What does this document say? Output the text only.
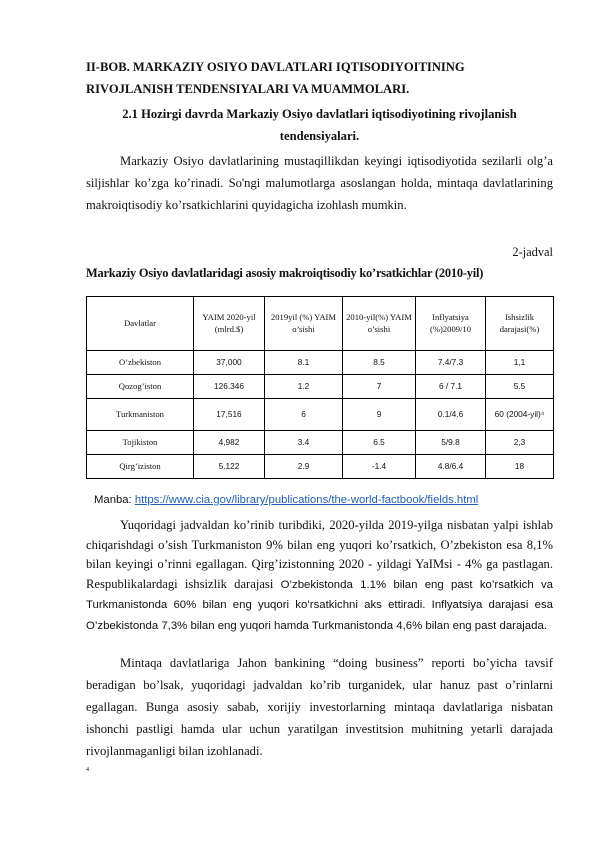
II-BOB. MARKAZIY OSIYO DAVLATLARI IQTISODIYOITINING RIVOJLANISH TENDENSIYALARI VA MUAMMOLARI.
2.1 Hozirgi davrda Markaziy Osiyo davlatlari iqtisodiyotining rivojlanish tendensiyalari.
Markaziy Osiyo davlatlarining mustaqillikdan keyingi iqtisodiyotida sezilarli olg’a siljishlar ko’zga ko’rinadi. So'ngi malumotlarga asoslangan holda, mintaqa davlatlarining makroiqtisodiy ko’rsatkichlarini quyidagicha izohlash mumkin.
2-jadval
Markaziy Osiyo davlatlaridagi asosiy makroiqtisodiy ko’rsatkichlar (2010-yil)
Davlatlar	YAIM 2020-yil (mlrd.$)	2019yil (%) YAIM o’sishi	2010-yil(%) YAIM o’sishi	Inflyatsiya (%)2009/10	Ishsizlik darajasi(%)
O’zbekiston	37,000	8.1	8.5	7.4/7.3	1,1
Qozog’iston	126.346	1.2	7	6 / 7.1	5.5
Turkmaniston	17,516	6	9	0.1/4.6	60 (2004-yil)⁴
Tojikiston	4,982	3.4	6.5	5/9.8	2,3
Qirg’iziston	5.122	2.9	-1.4	4.8/6.4	18
Manba: https://www.cia.gov/library/publications/the-world-factbook/fields.html
Yuqoridagi jadvaldan ko’rinib turibdiki, 2020-yilda 2019-yilga nisbatan yalpi ishlab chiqarishdagi o’sish Turkmaniston 9% bilan eng yuqori ko’rsatkich, O’zbekiston esa 8,1% bilan keyingi o’rinni egallagan. Qirg’izistonning 2020 - yildagi YaIMsi - 4% ga pastlagan. Respublikalardagi ishsizlik darajasi O’zbekistonda 1.1% bilan eng past ko’rsatkich va Turkmanistonda 60% bilan eng yuqori ko’rsatkichni aks ettiradi. Inflyatsiya darajasi esa O’zbekistonda 7,3% bilan eng yuqori hamda Turkmanistonda 4,6% bilan eng past darajada.
Mintaqa davlatlariga Jahon bankining “doing business” reporti bo’yicha tavsif beradigan bo’lsak, yuqoridagi jadvaldan ko’rib turganidek, ular hanuz past o’rinlarni egallagan. Bunga asosiy sabab, xorijiy investorlarning mintaqa davlatlariga nisbatan ishonchi pastligi hamda ular uchun yaratilgan investitsion muhitning yetarli darajada rivojlanmaganligi bilan izohlanadi.
4
